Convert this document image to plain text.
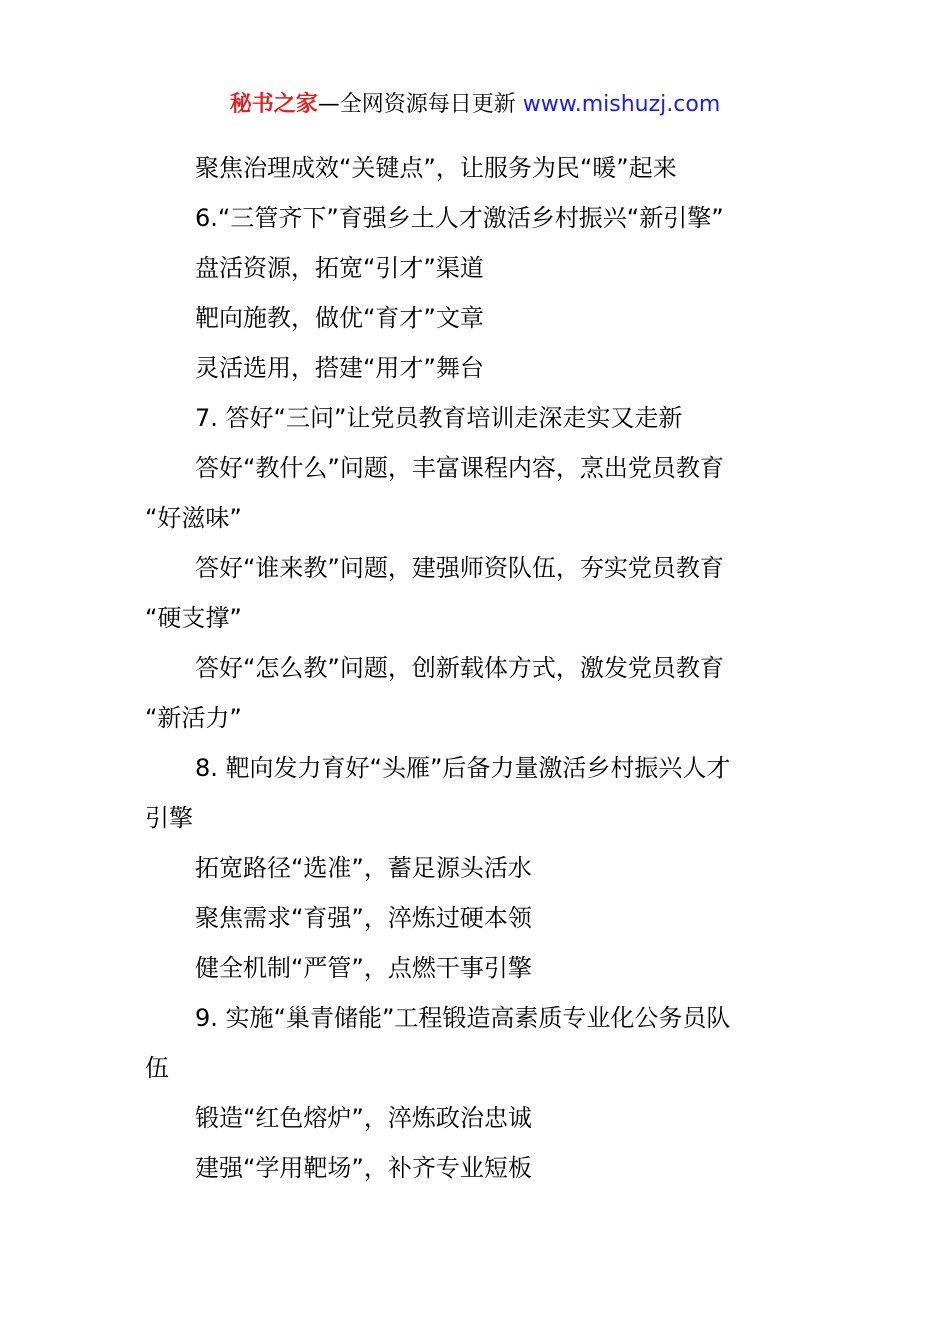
秘书之家—全网资源每日更新 www.mishuzj.com

聚焦治理成效“关键点”，让服务为民“暖”起来

6.“三管齐下”育强乡土人才激活乡村振兴“新引擎”

盘活资源，拓宽“引才”渠道

靶向施教，做优“育才”文章

灵活选用，搭建“用才”舞台

7. 答好“三问”让党员教育培训走深走实又走新

答好“教什么”问题，丰富课程内容，烹出党员教育
“好滋味”

答好“谁来教”问题，建强师资队伍，夯实党员教育
“硬支撑”

答好“怎么教”问题，创新载体方式，激发党员教育
“新活力”

8. 靶向发力育好“头雁”后备力量激活乡村振兴人才
引擎

拓宽路径“选准”，蓄足源头活水

聚焦需求“育强”，淬炼过硬本领

健全机制“严管”，点燃干事引擎

9. 实施“巢青储能”工程锻造高素质专业化公务员队
伍

锻造“红色熔炉”，淬炼政治忠诚

建强“学用靶场”，补齐专业短板
